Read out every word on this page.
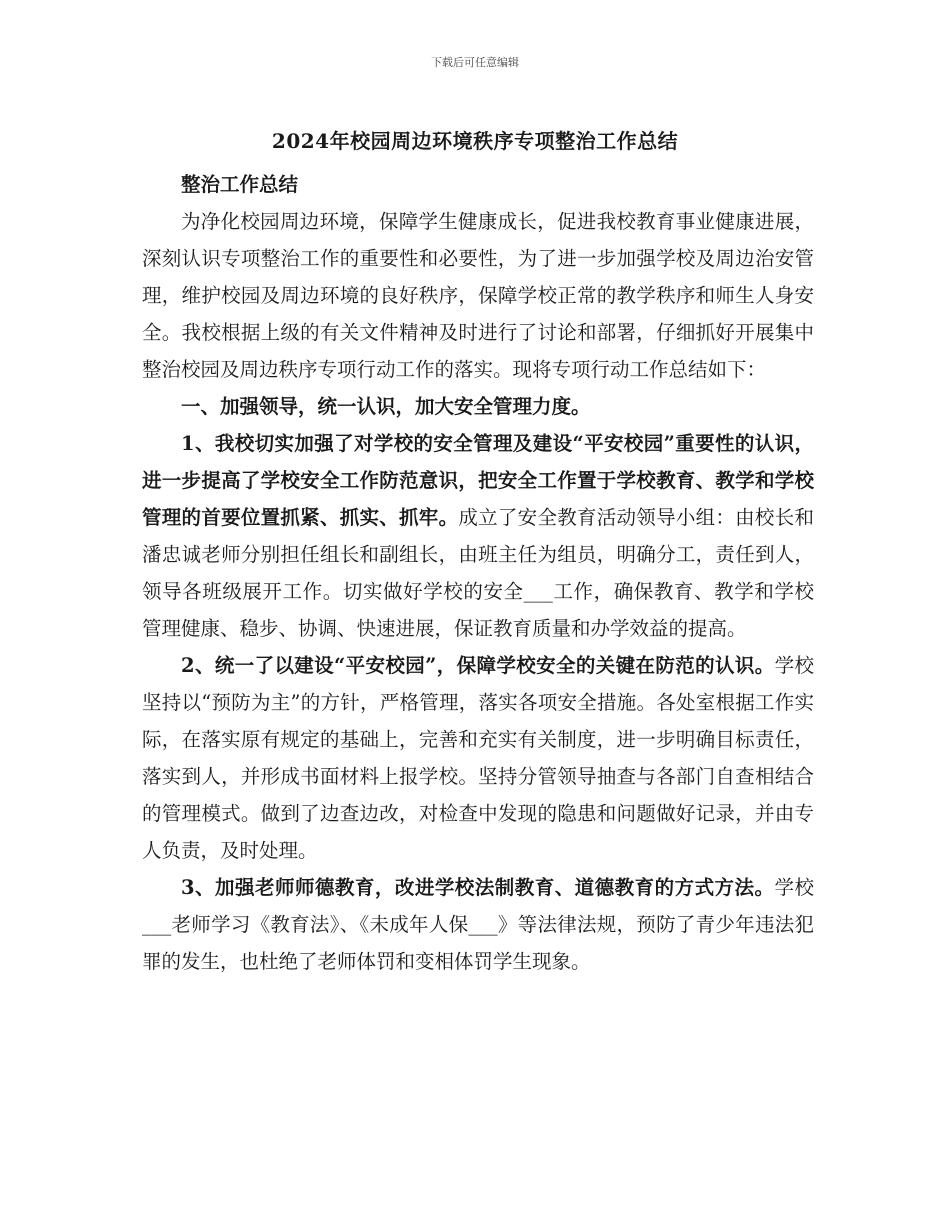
下载后可任意编辑
2024年校园周边环境秩序专项整治工作总结

整治工作总结

为净化校园周边环境，保障学生健康成长，促进我校教育事业健康进展，深刻认识专项整治工作的重要性和必要性，为了进一步加强学校及周边治安管理，维护校园及周边环境的良好秩序，保障学校正常的教学秩序和师生人身安全。我校根据上级的有关文件精神及时进行了讨论和部署，仔细抓好开展集中整治校园及周边秩序专项行动工作的落实。现将专项行动工作总结如下：

一、加强领导，统一认识，加大安全管理力度。

1、我校切实加强了对学校的安全管理及建设“平安校园”重要性的认识，进一步提高了学校安全工作防范意识，把安全工作置于学校教育、教学和学校管理的首要位置抓紧、抓实、抓牢。成立了安全教育活动领导小组：由校长和潘忠诚老师分别担任组长和副组长，由班主任为组员，明确分工，责任到人，领导各班级展开工作。切实做好学校的安全___工作，确保教育、教学和学校管理健康、稳步、协调、快速进展，保证教育质量和办学效益的提高。

2、统一了以建设“平安校园”，保障学校安全的关键在防范的认识。学校坚持以“预防为主”的方针，严格管理，落实各项安全措施。各处室根据工作实际，在落实原有规定的基础上，完善和充实有关制度，进一步明确目标责任，落实到人，并形成书面材料上报学校。坚持分管领导抽查与各部门自查相结合的管理模式。做到了边查边改，对检查中发现的隐患和问题做好记录，并由专人负责，及时处理。

3、加强老师师德教育，改进学校法制教育、道德教育的方式方法。学校___老师学习《教育法》、《未成年人保___》等法律法规，预防了青少年违法犯罪的发生，也杜绝了老师体罚和变相体罚学生现象。
